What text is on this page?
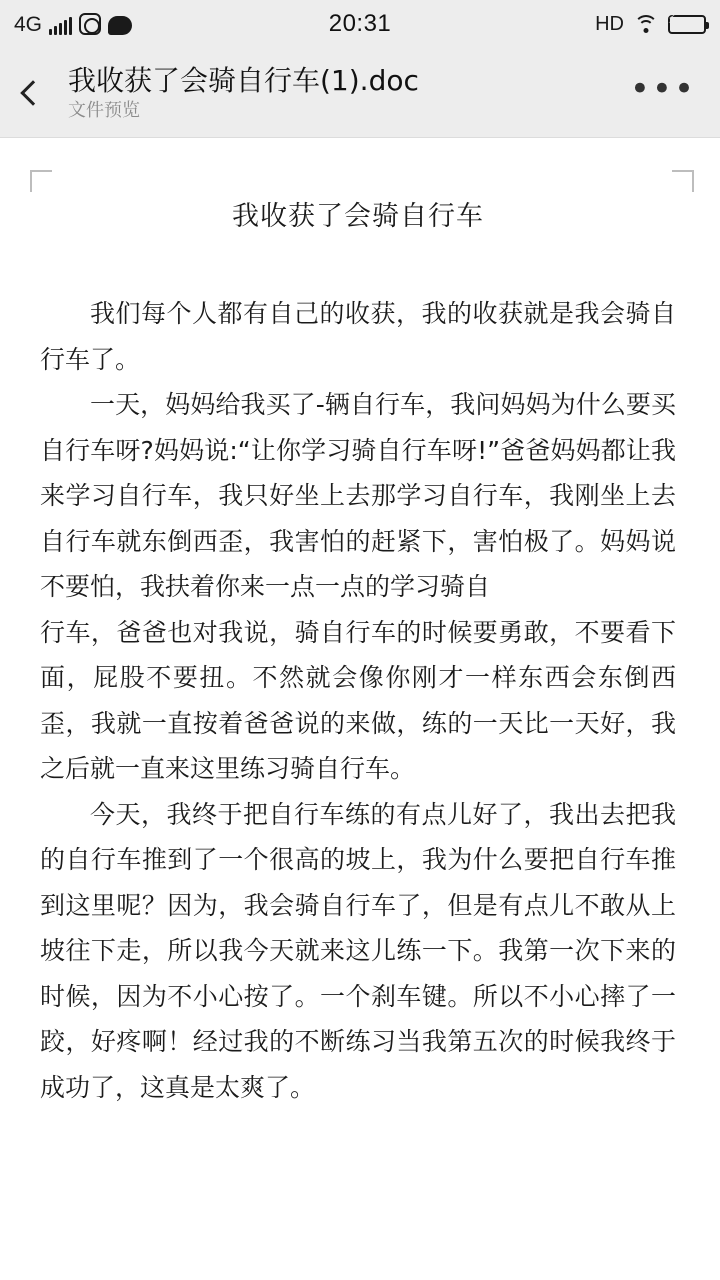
4G	20:31	HD	⚡
我收获了会骑自行车(1).doc
文件预览
•••
我收获了会骑自行车

我们每个人都有自己的收获，我的收获就是我会骑自行车了。

一天，妈妈给我买了-辆自行车，我问妈妈为什么要买自行车呀?妈妈说:“让你学习骑自行车呀!”爸爸妈妈都让我来学习自行车，我只好坐上去那学习自行车，我刚坐上去自行车就东倒西歪，我害怕的赶紧下，害怕极了。妈妈说不要怕，我扶着你来一点一点的学习骑自

行车，爸爸也对我说，骑自行车的时候要勇敢，不要看下面，屁股不要扭。不然就会像你刚才一样东西会东倒西歪，我就一直按着爸爸说的来做，练的一天比一天好，我之后就一直来这里练习骑自行车。

今天，我终于把自行车练的有点儿好了，我出去把我的自行车推到了一个很高的坡上，我为什么要把自行车推到这里呢？因为，我会骑自行车了，但是有点儿不敢从上坡往下走，所以我今天就来这儿练一下。我第一次下来的时候，因为不小心按了。一个刹车键。所以不小心摔了一跤，好疼啊！经过我的不断练习当我第五次的时候我终于成功了，这真是太爽了。
